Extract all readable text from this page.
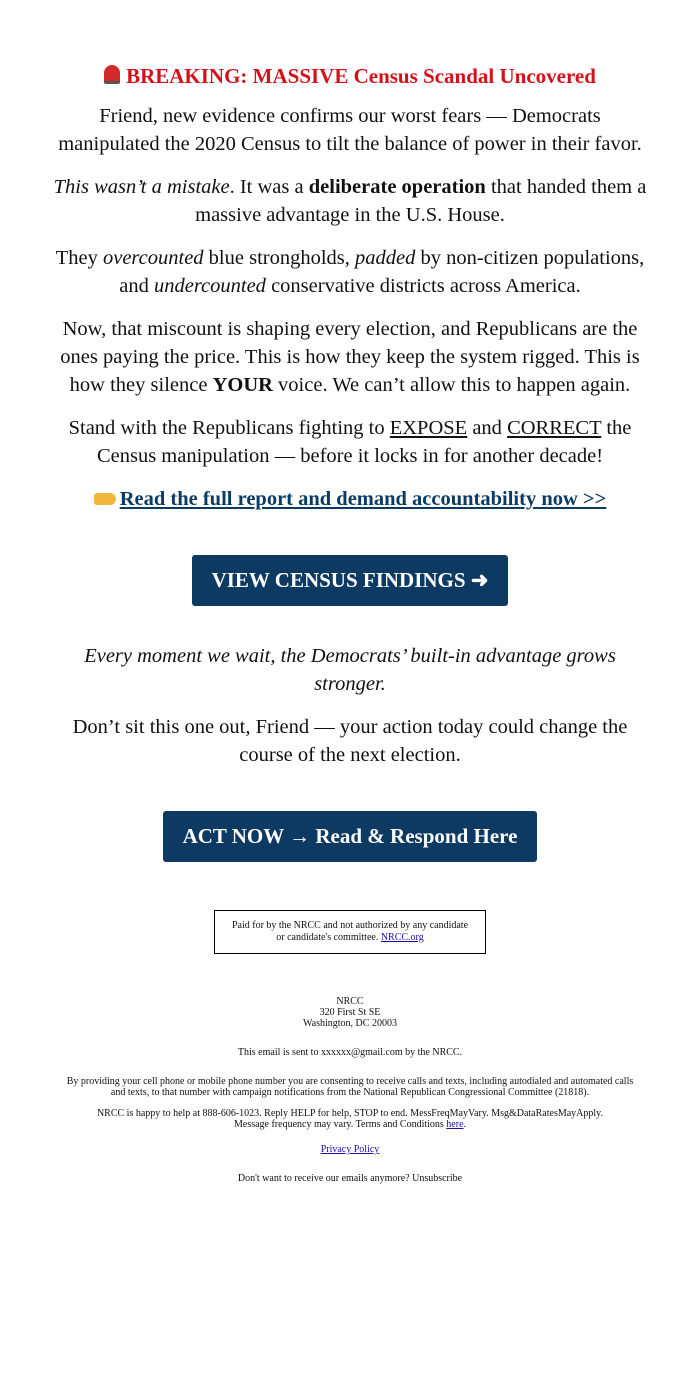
BREAKING: MASSIVE Census Scandal Uncovered

Friend, new evidence confirms our worst fears — Democrats manipulated the 2020 Census to tilt the balance of power in their favor.

This wasn’t a mistake. It was a deliberate operation that handed them a massive advantage in the U.S. House.

They overcounted blue strongholds, padded by non-citizen populations, and undercounted conservative districts across America.

Now, that miscount is shaping every election, and Republicans are the ones paying the price. This is how they keep the system rigged. This is how they silence YOUR voice. We can’t allow this to happen again.

Stand with the Republicans fighting to EXPOSE and CORRECT the Census manipulation — before it locks in for another decade!

Read the full report and demand accountability now >>

VIEW CENSUS FINDINGS ➜

Every moment we wait, the Democrats’ built-in advantage grows stronger.

Don’t sit this one out, Friend — your action today could change the course of the next election.

ACT NOW → Read & Respond Here
Paid for by the NRCC and not authorized by any candidate or candidate's committee. NRCC.org

NRCC

320 First St SE

Washington, DC 20003

This email is sent to xxxxxx@gmail.com by the NRCC.

By providing your cell phone or mobile phone number you are consenting to receive calls and texts, including autodialed and automated calls and texts, to that number with campaign notifications from the National Republican Congressional Committee (21818).

NRCC is happy to help at 888-606-1023. Reply HELP for help, STOP to end. MessFreqMayVary. Msg&DataRatesMayApply. Message frequency may vary. Terms and Conditions here.

Privacy Policy

Don't want to receive our emails anymore? Unsubscribe
